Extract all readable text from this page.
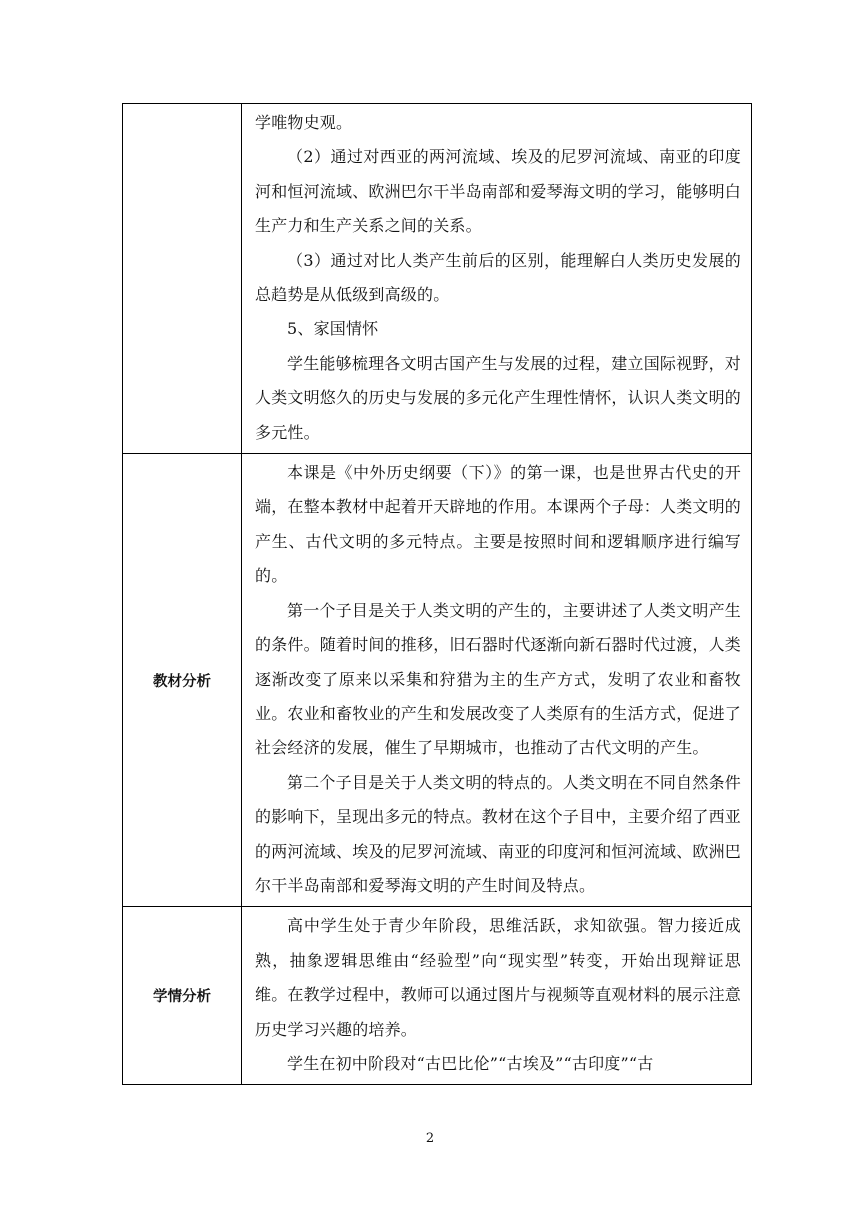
	学唯物史观。

（2）通过对西亚的两河流域、埃及的尼罗河流域、南亚的印度河和恒河流域、欧洲巴尔干半岛南部和爱琴海文明的学习，能够明白生产力和生产关系之间的关系。

（3）通过对比人类产生前后的区别，能理解白人类历史发展的总趋势是从低级到高级的。

5、家国情怀

学生能够梳理各文明古国产生与发展的过程，建立国际视野，对人类文明悠久的历史与发展的多元化产生理性情怀，认识人类文明的多元性。

教材分析	本课是《中外历史纲要（下）》的第一课，也是世界古代史的开端，在整本教材中起着开天辟地的作用。本课两个子母：人类文明的产生、古代文明的多元特点。主要是按照时间和逻辑顺序进行编写的。

第一个子目是关于人类文明的产生的，主要讲述了人类文明产生的条件。随着时间的推移，旧石器时代逐渐向新石器时代过渡，人类逐渐改变了原来以采集和狩猎为主的生产方式，发明了农业和畜牧业。农业和畜牧业的产生和发展改变了人类原有的生活方式，促进了社会经济的发展，催生了早期城市，也推动了古代文明的产生。

第二个子目是关于人类文明的特点的。人类文明在不同自然条件的影响下，呈现出多元的特点。教材在这个子目中，主要介绍了西亚的两河流域、埃及的尼罗河流域、南亚的印度河和恒河流域、欧洲巴尔干半岛南部和爱琴海文明的产生时间及特点。

学情分析	高中学生处于青少年阶段，思维活跃，求知欲强。智力接近成熟，抽象逻辑思维由“经验型”向“现实型”转变，开始出现辩证思维。在教学过程中，教师可以通过图片与视频等直观材料的展示注意历史学习兴趣的培养。

学生在初中阶段对“古巴比伦”“古埃及”“古印度”“古

2
